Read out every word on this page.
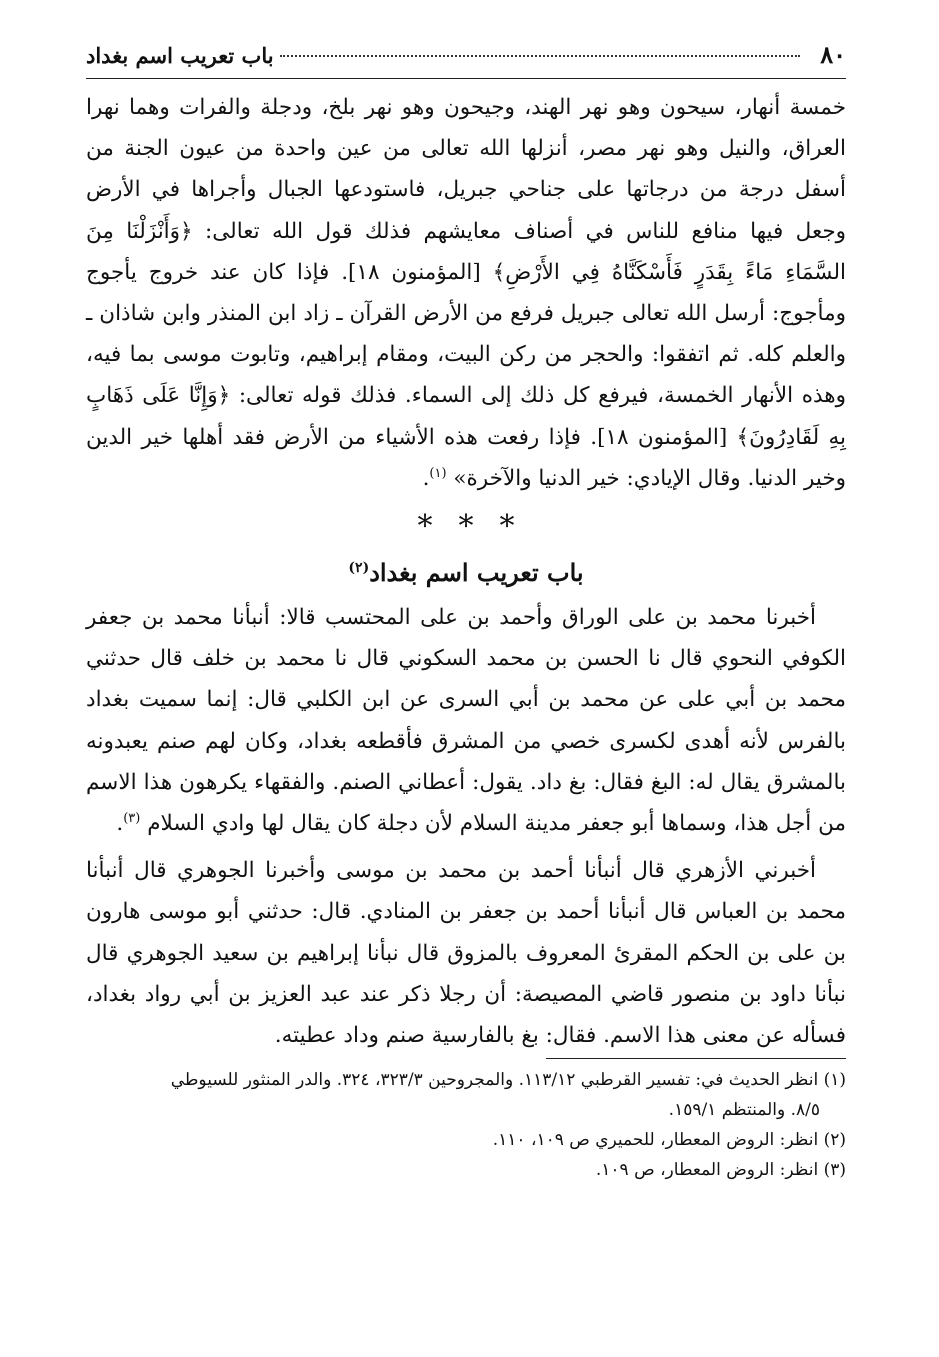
٨٠
باب تعريب اسم بغداد

خمسة أنهار، سيحون وهو نهر الهند، وجيحون وهو نهر بلخ، ودجلة والفرات وهما نهرا العراق، والنيل وهو نهر مصر، أنزلها الله تعالى من عين واحدة من عيون الجنة من أسفل درجة من درجاتها على جناحي جبريل، فاستودعها الجبال وأجراها في الأرض وجعل فيها منافع للناس في أصناف معايشهم فذلك قول الله تعالى: ﴿وَأَنْزَلْنَا مِنَ السَّمَاءِ مَاءً بِقَدَرٍ فَأَسْكَنَّاهُ فِي الأَرْضِ﴾ [المؤمنون ١٨]. فإذا كان عند خروج يأجوج ومأجوج: أرسل الله تعالى جبريل فرفع من الأرض القرآن ـ زاد ابن المنذر وابن شاذان ـ والعلم كله. ثم اتفقوا: والحجر من ركن البيت، ومقام إبراهيم، وتابوت موسى بما فيه، وهذه الأنهار الخمسة، فيرفع كل ذلك إلى السماء. فذلك قوله تعالى: ﴿وَإِنَّا عَلَى ذَهَابٍ بِهِ لَقَادِرُونَ﴾ [المؤمنون ١٨]. فإذا رفعت هذه الأشياء من الأرض فقد أهلها خير الدين وخير الدنيا. وقال الإيادي: خير الدنيا والآخرة» $^{(١)}$.

***
باب تعريب اسم بغداد$^{(٢)}$

أخبرنا محمد بن على الوراق وأحمد بن على المحتسب قالا: أنبأنا محمد بن جعفر الكوفي النحوي قال نا الحسن بن محمد السكوني قال نا محمد بن خلف قال حدثني محمد بن أبي على عن محمد بن أبي السرى عن ابن الكلبي قال: إنما سميت بغداد بالفرس لأنه أهدى لكسرى خصي من المشرق فأقطعه بغداد، وكان لهم صنم يعبدونه بالمشرق يقال له: البغ فقال: بغ داد. يقول: أعطاني الصنم. والفقهاء يكرهون هذا الاسم من أجل هذا، وسماها أبو جعفر مدينة السلام لأن دجلة كان يقال لها وادي السلام $^{(٣)}$.

أخبرني الأزهري قال أنبأنا أحمد بن محمد بن موسى وأخبرنا الجوهري قال أنبأنا محمد بن العباس قال أنبأنا أحمد بن جعفر بن المنادي. قال: حدثني أبو موسى هارون بن على بن الحكم المقرئ المعروف بالمزوق قال نبأنا إبراهيم بن سعيد الجوهري قال نبأنا داود بن منصور قاضي المصيصة: أن رجلا ذكر عند عبد العزيز بن أبي رواد بغداد، فسأله عن معنى هذا الاسم. فقال: بغ بالفارسية صنم وداد عطيته.

(١) انظر الحديث في: تفسير القرطبي ١١٣/١٢. والمجروحين ٣٢٣/٣، ٣٢٤. والدر المنثور للسيوطي

٨/٥. والمنتظم ١٥٩/١.

(٢) انظر: الروض المعطار، للحميري ص ١٠٩، ١١٠.

(٣) انظر: الروض المعطار، ص ١٠٩.
